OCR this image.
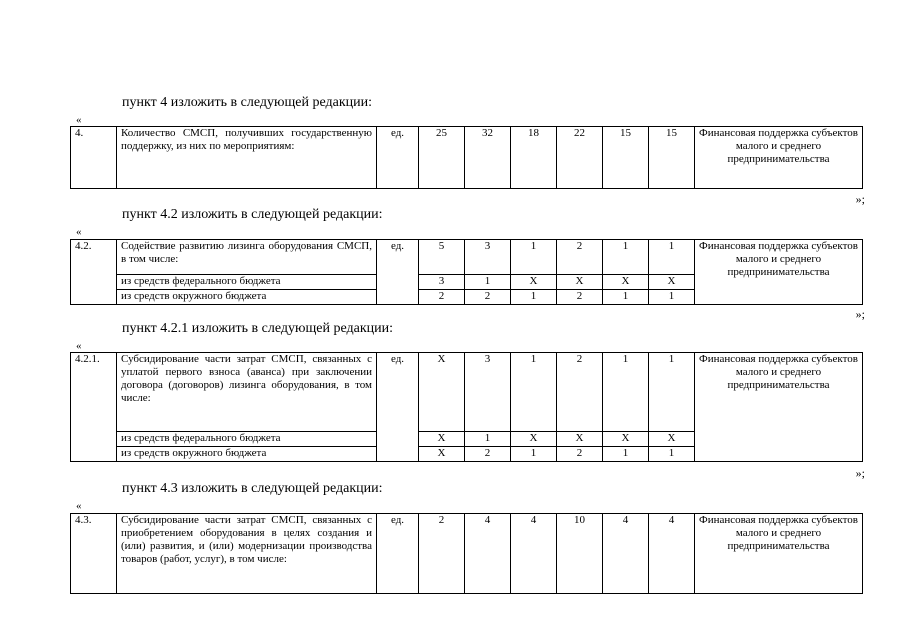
пункт 4 изложить в следующей редакции:
«
4.	Количество СМСП, получивших государственную поддержку, из них по мероприятиям:	ед.	25	32	18	22	15	15	Финансовая поддержка субъектов малого и среднего предпринимательства
»;
пункт 4.2 изложить в следующей редакции:
«
4.2.	Содействие развитию лизинга оборудования СМСП, в том числе:	ед.	5	3	1	2	1	1	Финансовая поддержка субъектов малого и среднего предпринимательства
	из средств федерального бюджета		3	1	Х	Х	Х	Х	
	из средств окружного бюджета		2	2	1	2	1	1	
»;
пункт 4.2.1 изложить в следующей редакции:
«
4.2.1.	Субсидирование части затрат СМСП, связанных с уплатой первого взноса (аванса) при заключении договора (договоров) лизинга оборудования, в том числе:	ед.	Х	3	1	2	1	1	Финансовая поддержка субъектов малого и среднего предпринимательства
	из средств федерального бюджета		Х	1	Х	Х	Х	Х	
	из средств окружного бюджета		Х	2	1	2	1	1	
»;
пункт 4.3 изложить в следующей редакции:
«
4.3.	Субсидирование части затрат СМСП, связанных с приобретением оборудования в целях создания и (или) развития, и (или) модернизации производства товаров (работ, услуг), в том числе:	ед.	2	4	4	10	4	4	Финансовая поддержка субъектов малого и среднего предпринимательства
